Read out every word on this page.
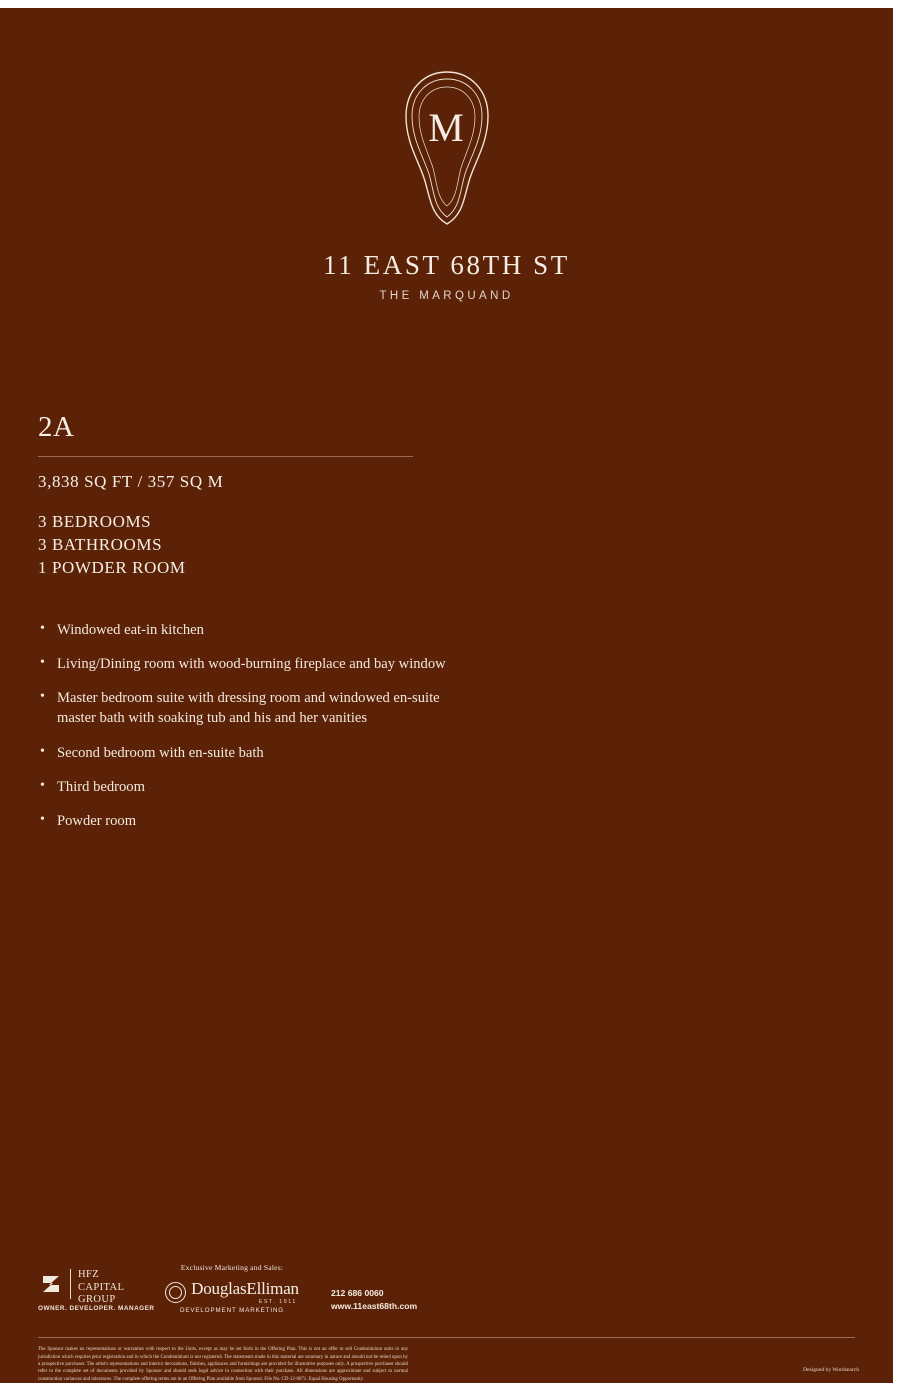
M
11 EAST 68TH ST
THE MARQUAND
2A
3,838 SQ FT / 357 SQ M
3 BEDROOMS
3 BATHROOMS
1 POWDER ROOM
• Windowed eat-in kitchen
• Living/Dining room with wood-burning fireplace and bay window
• Master bedroom suite with dressing room and windowed en-suite master bath with soaking tub and his and her vanities
• Second bedroom with en-suite bath
• Third bedroom
• Powder room
HFZ
CAPITAL
GROUP
OWNER. DEVELOPER. MANAGER
Exclusive Marketing and Sales:
DouglasElliman
EST. 1911
DEVELOPMENT MARKETING
212 686 0060
www.11east68th.com
The Sponsor makes no representations or warranties with respect to the Units, except as may be set forth in the Offering Plan. This is not an offer to sell Condominium units in any jurisdiction which requires prior registration and in which the Condominium is not registered. The statements made in this material are summary in nature and should not be relied upon by a prospective purchaser. The artist's representations and interior decorations, finishes, appliances and furnishings are provided for illustrative purposes only. A prospective purchaser should refer to the complete set of documents provided by Sponsor and should seek legal advice in connection with their purchase. All dimensions are approximate and subject to normal construction variances and tolerances. The complete offering terms are in an Offering Plan available from Sponsor. File No. CD-12-0071. Equal Housing Opportunity.
Designed by Wordsearch
